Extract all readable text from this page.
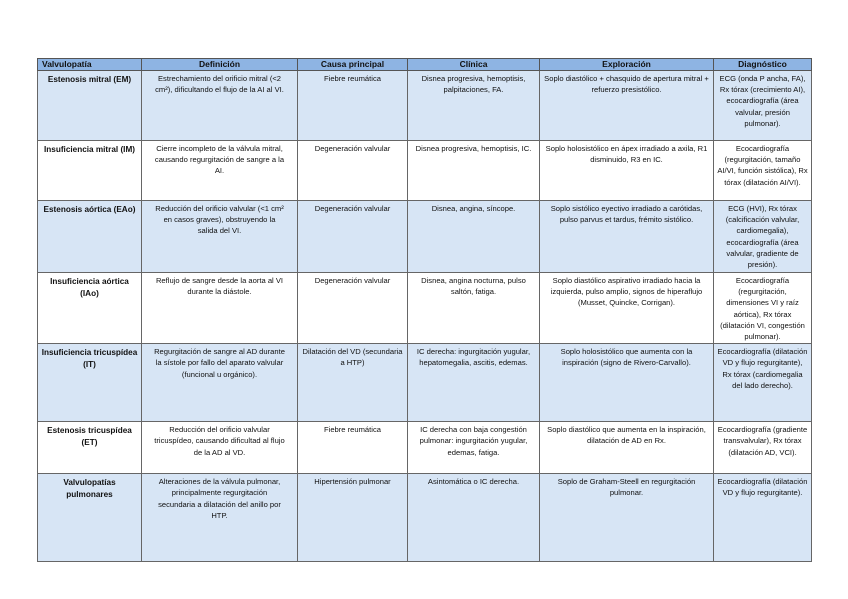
Valvulopatía	Definición	Causa principal	Clínica	Exploración	Diagnóstico
Estenosis mitral (EM)	Estrechamiento del orificio mitral (<2 cm²), dificultando el flujo de la AI al VI.	Fiebre reumática	Disnea progresiva, hemoptisis, palpitaciones, FA.	Soplo diastólico + chasquido de apertura mitral + refuerzo presistólico.	ECG (onda P ancha, FA), Rx tórax (crecimiento AI), ecocardiografía (área valvular, presión pulmonar).
Insuficiencia mitral (IM)	Cierre incompleto de la válvula mitral, causando regurgitación de sangre a la AI.	Degeneración valvular	Disnea progresiva, hemoptisis, IC.	Soplo holosistólico en ápex irradiado a axila, R1 disminuido, R3 en IC.	Ecocardiografía (regurgitación, tamaño AI/VI, función sistólica), Rx tórax (dilatación AI/VI).
Estenosis aórtica (EAo)	Reducción del orificio valvular (<1 cm² en casos graves), obstruyendo la salida del VI.	Degeneración valvular	Disnea, angina, síncope.	Soplo sistólico eyectivo irradiado a carótidas, pulso parvus et tardus, frémito sistólico.	ECG (HVI), Rx tórax (calcificación valvular, cardiomegalia), ecocardiografía (área valvular, gradiente de presión).
Insuficiencia aórtica (IAo)	Reflujo de sangre desde la aorta al VI durante la diástole.	Degeneración valvular	Disnea, angina nocturna, pulso saltón, fatiga.	Soplo diastólico aspirativo irradiado hacia la izquierda, pulso amplio, signos de hiperaflujo (Musset, Quincke, Corrigan).	Ecocardiografía (regurgitación, dimensiones VI y raíz aórtica), Rx tórax (dilatación VI, congestión pulmonar).
Insuficiencia tricuspídea (IT)	Regurgitación de sangre al AD durante la sístole por fallo del aparato valvular (funcional u orgánico).	Dilatación del VD (secundaria a HTP)	IC derecha: ingurgitación yugular, hepatomegalia, ascitis, edemas.	Soplo holosistólico que aumenta con la inspiración (signo de Rivero-Carvallo).	Ecocardiografía (dilatación VD y flujo regurgitante), Rx tórax (cardiomegalia del lado derecho).
Estenosis tricuspídea (ET)	Reducción del orificio valvular tricuspídeo, causando dificultad al flujo de la AD al VD.	Fiebre reumática	IC derecha con baja congestión pulmonar: ingurgitación yugular, edemas, fatiga.	Soplo diastólico que aumenta en la inspiración, dilatación de AD en Rx.	Ecocardiografía (gradiente transvalvular), Rx tórax (dilatación AD, VCI).
Valvulopatías pulmonares	Alteraciones de la válvula pulmonar, principalmente regurgitación secundaria a dilatación del anillo por HTP.	Hipertensión pulmonar	Asintomática o IC derecha.	Soplo de Graham-Steell en regurgitación pulmonar.	Ecocardiografía (dilatación VD y flujo regurgitante).
